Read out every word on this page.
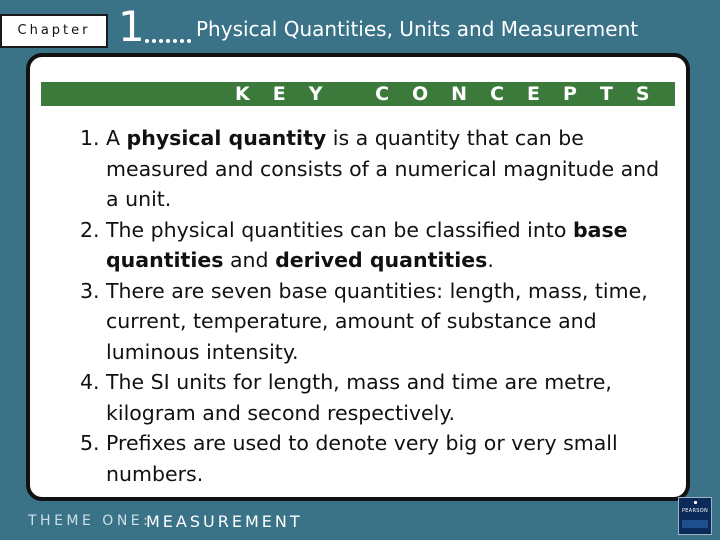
Chapter 1	Physical Quantities, Units and Measurement
KEY CONCEPTS
1. A physical quantity is a quantity that can be measured and consists of a numerical magnitude and a unit.
2. The physical quantities can be classified into base quantities and derived quantities.
3. There are seven base quantities: length, mass, time, current, temperature, amount of substance and luminous intensity.
4. The SI units for length, mass and time are metre, kilogram and second respectively.
5. Prefixes are used to denote very big or very small numbers.
THEME ONE:
MEASUREMENT
PEARSON
